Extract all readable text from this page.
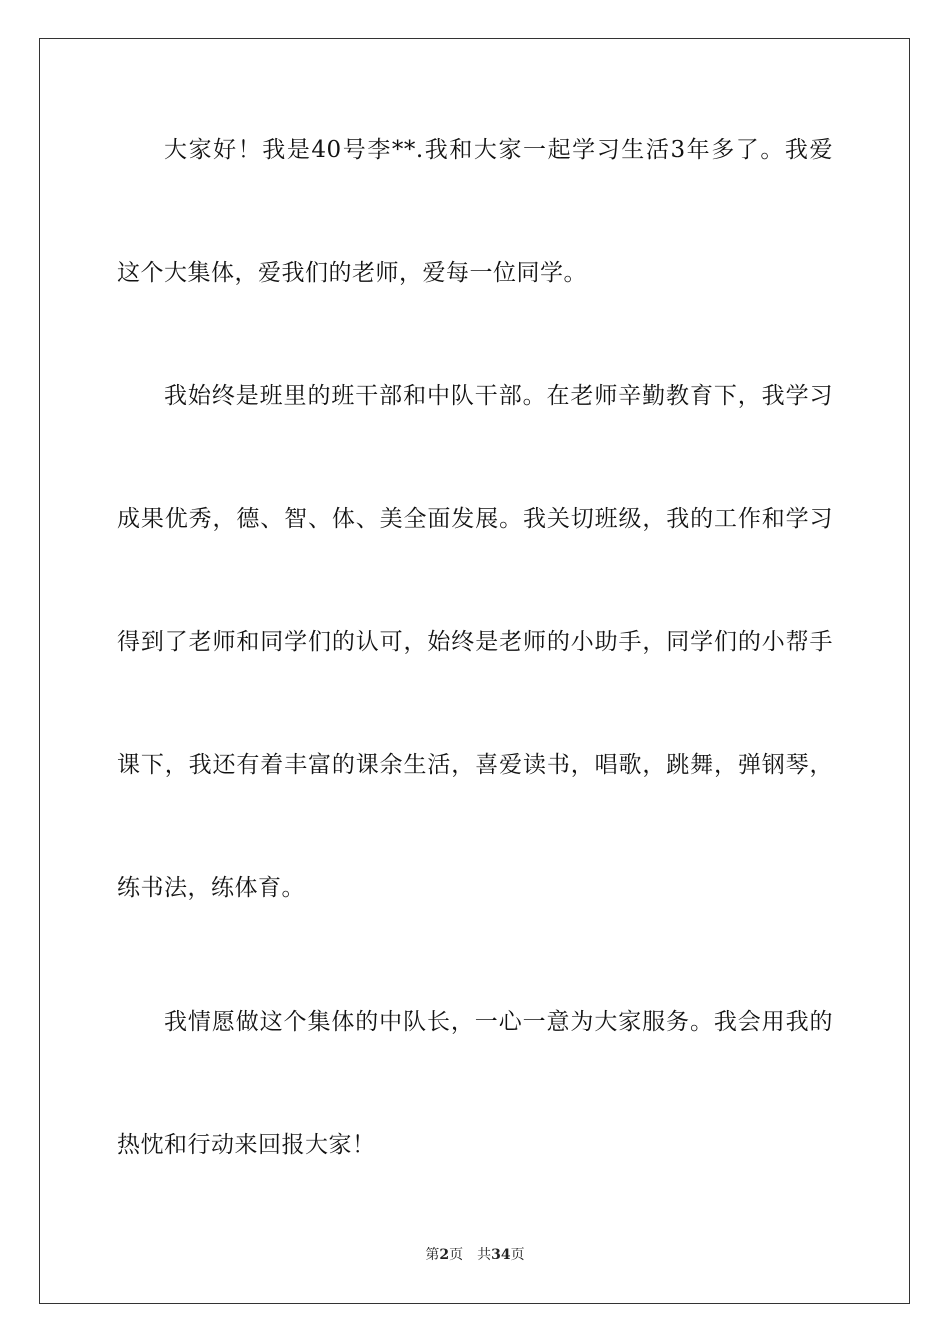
大家好！我是40号李**.我和大家一起学习生活3年多了。我爱
这个大集体，爱我们的老师，爱每一位同学。
我始终是班里的班干部和中队干部。在老师辛勤教育下，我学习
成果优秀，德、智、体、美全面发展。我关切班级，我的工作和学习
得到了老师和同学们的认可，始终是老师的小助手，同学们的小帮手
课下，我还有着丰富的课余生活，喜爱读书，唱歌，跳舞，弹钢琴，
练书法，练体育。
我情愿做这个集体的中队长，一心一意为大家服务。我会用我的
热忱和行动来回报大家！
第2页 共34页
